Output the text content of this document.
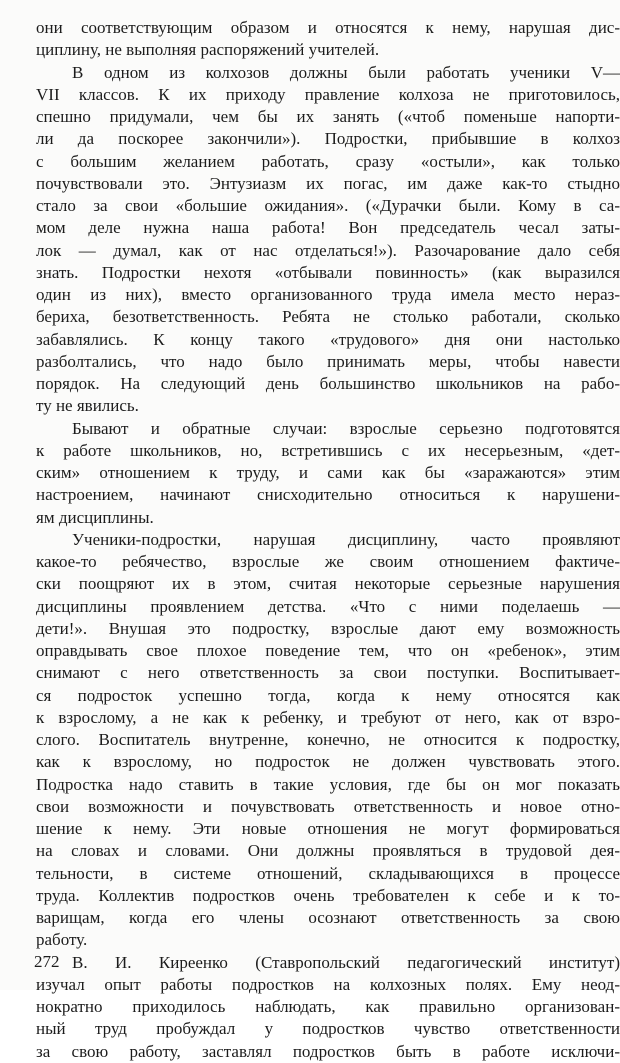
они соответствующим образом и относятся к нему, нарушая дис-
циплину, не выполняя распоряжений учителей.
В одном из колхозов должны были работать ученики V—
VII классов. К их приходу правление колхоза не приготовилось,
спешно придумали, чем бы их занять («чтоб поменьше напорти-
ли да поскорее закончили»). Подростки, прибывшие в колхоз
с большим желанием работать, сразу «остыли», как только
почувствовали это. Энтузиазм их погас, им даже как-то стыдно
стало за свои «большие ожидания». («Дурачки были. Кому в са-
мом деле нужна наша работа! Вон председатель чесал заты-
лок — думал, как от нас отделаться!»). Разочарование дало себя
знать. Подростки нехотя «отбывали повинность» (как выразился
один из них), вместо организованного труда имела место нераз-
бериха, безответственность. Ребята не столько работали, сколько
забавлялись. К концу такого «трудового» дня они настолько
разболтались, что надо было принимать меры, чтобы навести
порядок. На следующий день большинство школьников на рабо-
ту не явились.
Бывают и обратные случаи: взрослые серьезно подготовятся
к работе школьников, но, встретившись с их несерьезным, «дет-
ским» отношением к труду, и сами как бы «заражаются» этим
настроением, начинают снисходительно относиться к нарушени-
ям дисциплины.
Ученики-подростки, нарушая дисциплину, часто проявляют
какое-то ребячество, взрослые же своим отношением фактиче-
ски поощряют их в этом, считая некоторые серьезные нарушения
дисциплины проявлением детства. «Что с ними поделаешь —
дети!». Внушая это подростку, взрослые дают ему возможность
оправдывать свое плохое поведение тем, что он «ребенок», этим
снимают с него ответственность за свои поступки. Воспитывает-
ся подросток успешно тогда, когда к нему относятся как
к взрослому, а не как к ребенку, и требуют от него, как от взро-
слого. Воспитатель внутренне, конечно, не относится к подростку,
как к взрослому, но подросток не должен чувствовать этого.
Подростка надо ставить в такие условия, где бы он мог показать
свои возможности и почувствовать ответственность и новое отно-
шение к нему. Эти новые отношения не могут формироваться
на словах и словами. Они должны проявляться в трудовой дея-
тельности, в системе отношений, складывающихся в процессе
труда. Коллектив подростков очень требователен к себе и к то-
варищам, когда его члены осознают ответственность за свою
работу.
В. И. Киреенко (Ставропольский педагогический институт)
изучал опыт работы подростков на колхозных полях. Ему неод-
нократно приходилось наблюдать, как правильно организован-
ный труд пробуждал у подростков чувство ответственности
за свою работу, заставлял подростков быть в работе исключи-
272
